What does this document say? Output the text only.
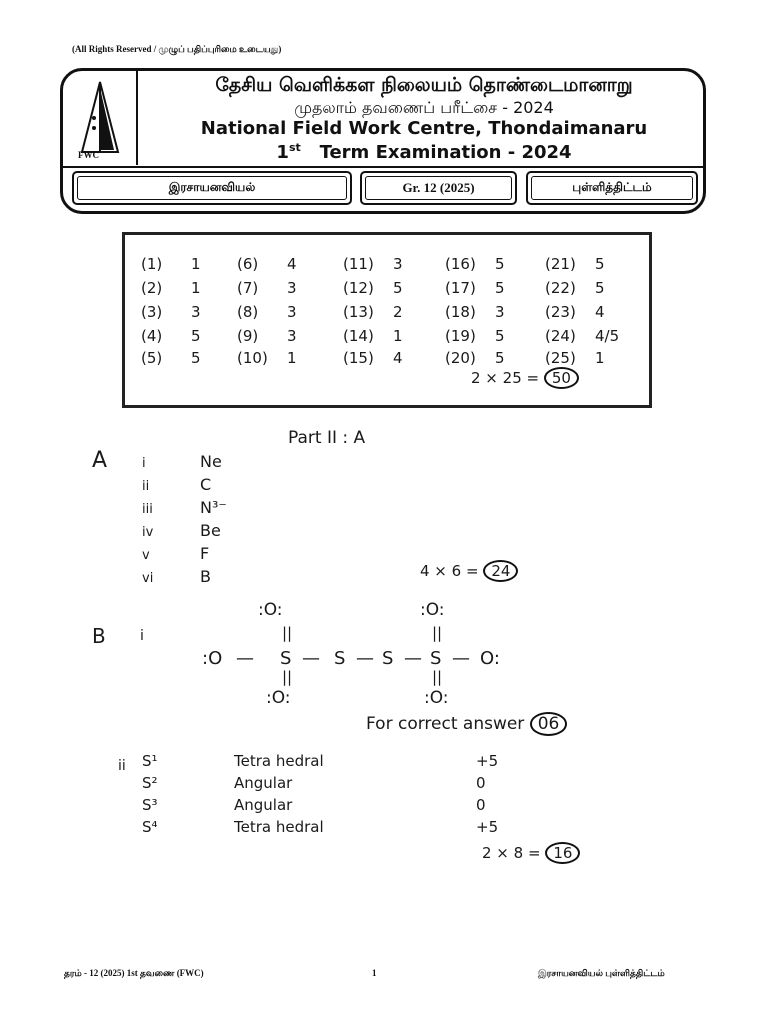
(All Rights Reserved / முழுப் பதிப்புரிமை உடையது)
FWC
தேசிய வெளிக்கள நிலையம் தொண்டைமானாறு
முதலாம் தவணைப் பரீட்சை - 2024
National Field Work Centre, Thondaimanaru
1st Term Examination - 2024
இரசாயனவியல்	Gr. 12 (2025)	புள்ளித்திட்டம்
(1) 1
(2) 1
(3) 3
(4) 5
(5) 5
(6) 4
(7) 3
(8) 3
(9) 3
(10) 1
(11) 3
(12) 5
(13) 2
(14) 1
(15) 4
(16) 5
(17) 5
(18) 3
(19) 5
(20) 5
(21) 5
(22) 5
(23) 4
(24) 4/5
(25) 1
2 × 25 = 50
Part II : A
A	i	Ne
ii	C
iii	N³⁻
iv	Be
v	F
vi	B	4 × 6 = 24
B i
:O:	:O:
||	||
:O — S — S — S — S — O:
||	||
:O:	:O:
For correct answer 06
ii S¹	Tetra hedral	+5
S²	Angular	0
S³	Angular	0
S⁴	Tetra hedral	+5
2 × 8 = 16
தரம் - 12 (2025) 1st தவணை (FWC)	1	இரசாயனவியல் புள்ளித்திட்டம்
